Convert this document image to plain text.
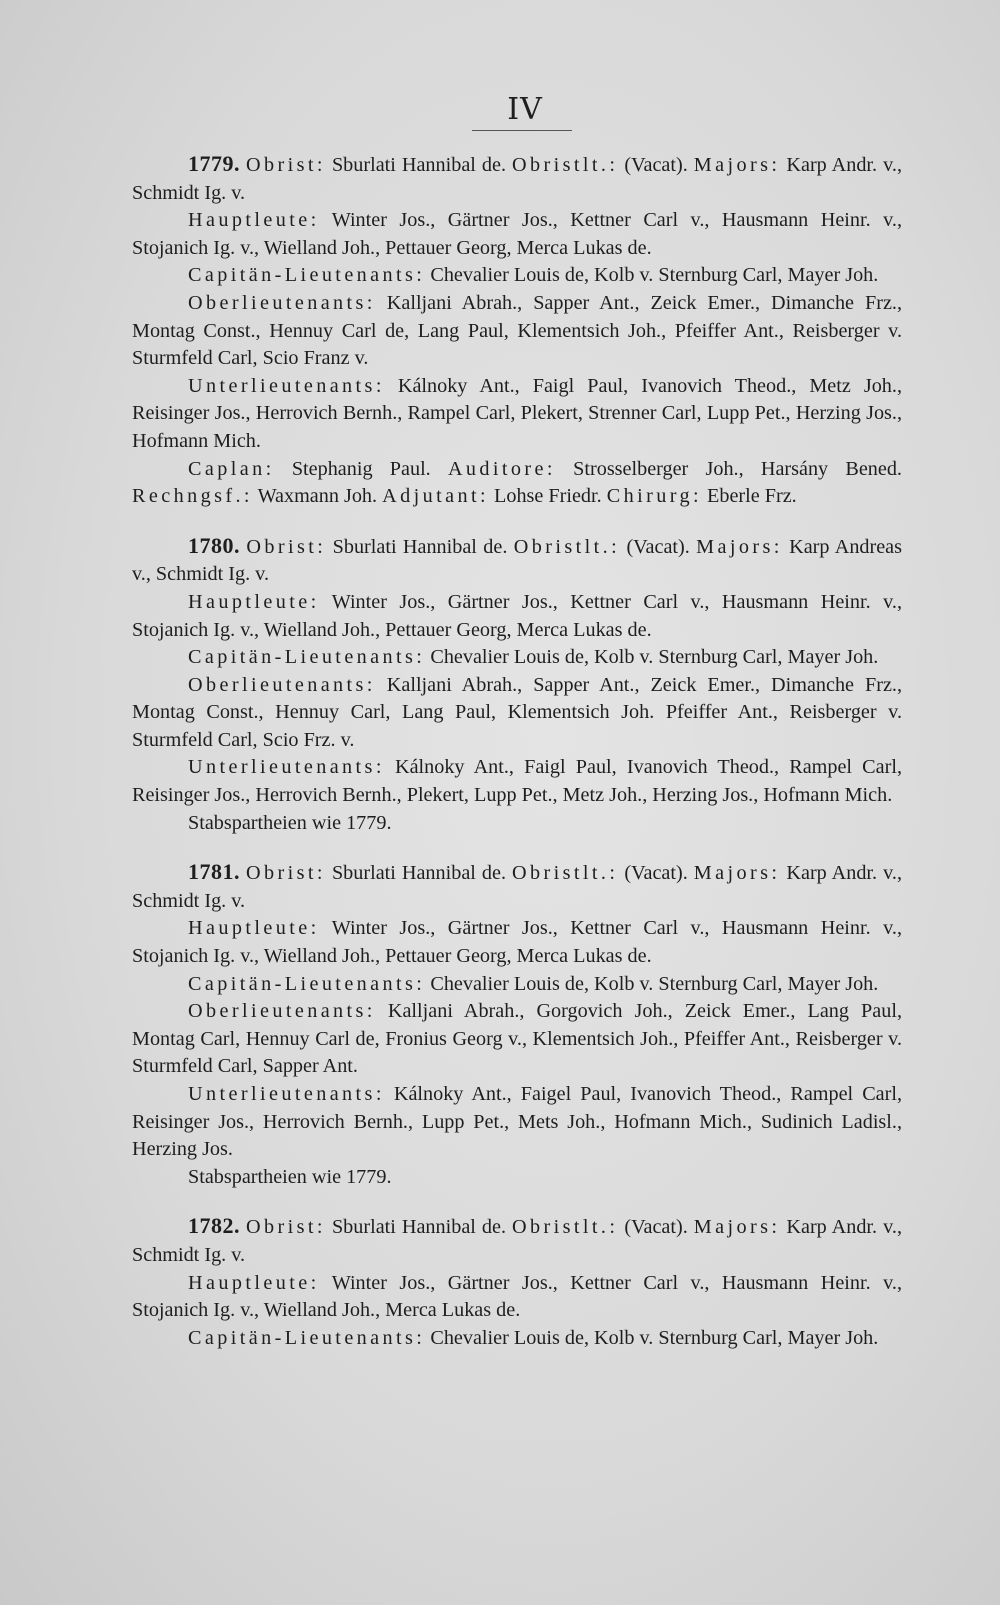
IV

1779. Obrist: Sburlati Hannibal de. Obristlt.: (Vacat). Majors: Karp Andr. v., Schmidt Ig. v.

Hauptleute: Winter Jos., Gärtner Jos., Kettner Carl v., Hausmann Heinr. v., Stojanich Ig. v., Wielland Joh., Pettauer Georg, Merca Lukas de.

Capitän-Lieutenants: Chevalier Louis de, Kolb v. Sternburg Carl, Mayer Joh.

Oberlieutenants: Kalljani Abrah., Sapper Ant., Zeick Emer., Dimanche Frz., Montag Const., Hennuy Carl de, Lang Paul, Klementsich Joh., Pfeiffer Ant., Reisberger v. Sturmfeld Carl, Scio Franz v.

Unterlieutenants: Kálnoky Ant., Faigl Paul, Ivanovich Theod., Metz Joh., Reisinger Jos., Herrovich Bernh., Rampel Carl, Plekert, Strenner Carl, Lupp Pet., Herzing Jos., Hofmann Mich.

Caplan: Stephanig Paul. Auditore: Strosselberger Joh., Harsány Bened. Rechngsf.: Waxmann Joh. Adjutant: Lohse Friedr. Chirurg: Eberle Frz.

1780. Obrist: Sburlati Hannibal de. Obristlt.: (Vacat). Majors: Karp Andreas v., Schmidt Ig. v.

Hauptleute: Winter Jos., Gärtner Jos., Kettner Carl v., Hausmann Heinr. v., Stojanich Ig. v., Wielland Joh., Pettauer Georg, Merca Lukas de.

Capitän-Lieutenants: Chevalier Louis de, Kolb v. Sternburg Carl, Mayer Joh.

Oberlieutenants: Kalljani Abrah., Sapper Ant., Zeick Emer., Dimanche Frz., Montag Const., Hennuy Carl, Lang Paul, Klementsich Joh. Pfeiffer Ant., Reisberger v. Sturmfeld Carl, Scio Frz. v.

Unterlieutenants: Kálnoky Ant., Faigl Paul, Ivanovich Theod., Rampel Carl, Reisinger Jos., Herrovich Bernh., Plekert, Lupp Pet., Metz Joh., Herzing Jos., Hofmann Mich.

Stabspartheien wie 1779.

1781. Obrist: Sburlati Hannibal de. Obristlt.: (Vacat). Majors: Karp Andr. v., Schmidt Ig. v.

Hauptleute: Winter Jos., Gärtner Jos., Kettner Carl v., Hausmann Heinr. v., Stojanich Ig. v., Wielland Joh., Pettauer Georg, Merca Lukas de.

Capitän-Lieutenants: Chevalier Louis de, Kolb v. Sternburg Carl, Mayer Joh.

Oberlieutenants: Kalljani Abrah., Gorgovich Joh., Zeick Emer., Lang Paul, Montag Carl, Hennuy Carl de, Fronius Georg v., Klementsich Joh., Pfeiffer Ant., Reisberger v. Sturmfeld Carl, Sapper Ant.

Unterlieutenants: Kálnoky Ant., Faigel Paul, Ivanovich Theod., Rampel Carl, Reisinger Jos., Herrovich Bernh., Lupp Pet., Mets Joh., Hofmann Mich., Sudinich Ladisl., Herzing Jos.

Stabspartheien wie 1779.

1782. Obrist: Sburlati Hannibal de. Obristlt.: (Vacat). Majors: Karp Andr. v., Schmidt Ig. v.

Hauptleute: Winter Jos., Gärtner Jos., Kettner Carl v., Hausmann Heinr. v., Stojanich Ig. v., Wielland Joh., Merca Lukas de.

Capitän-Lieutenants: Chevalier Louis de, Kolb v. Sternburg Carl, Mayer Joh.
